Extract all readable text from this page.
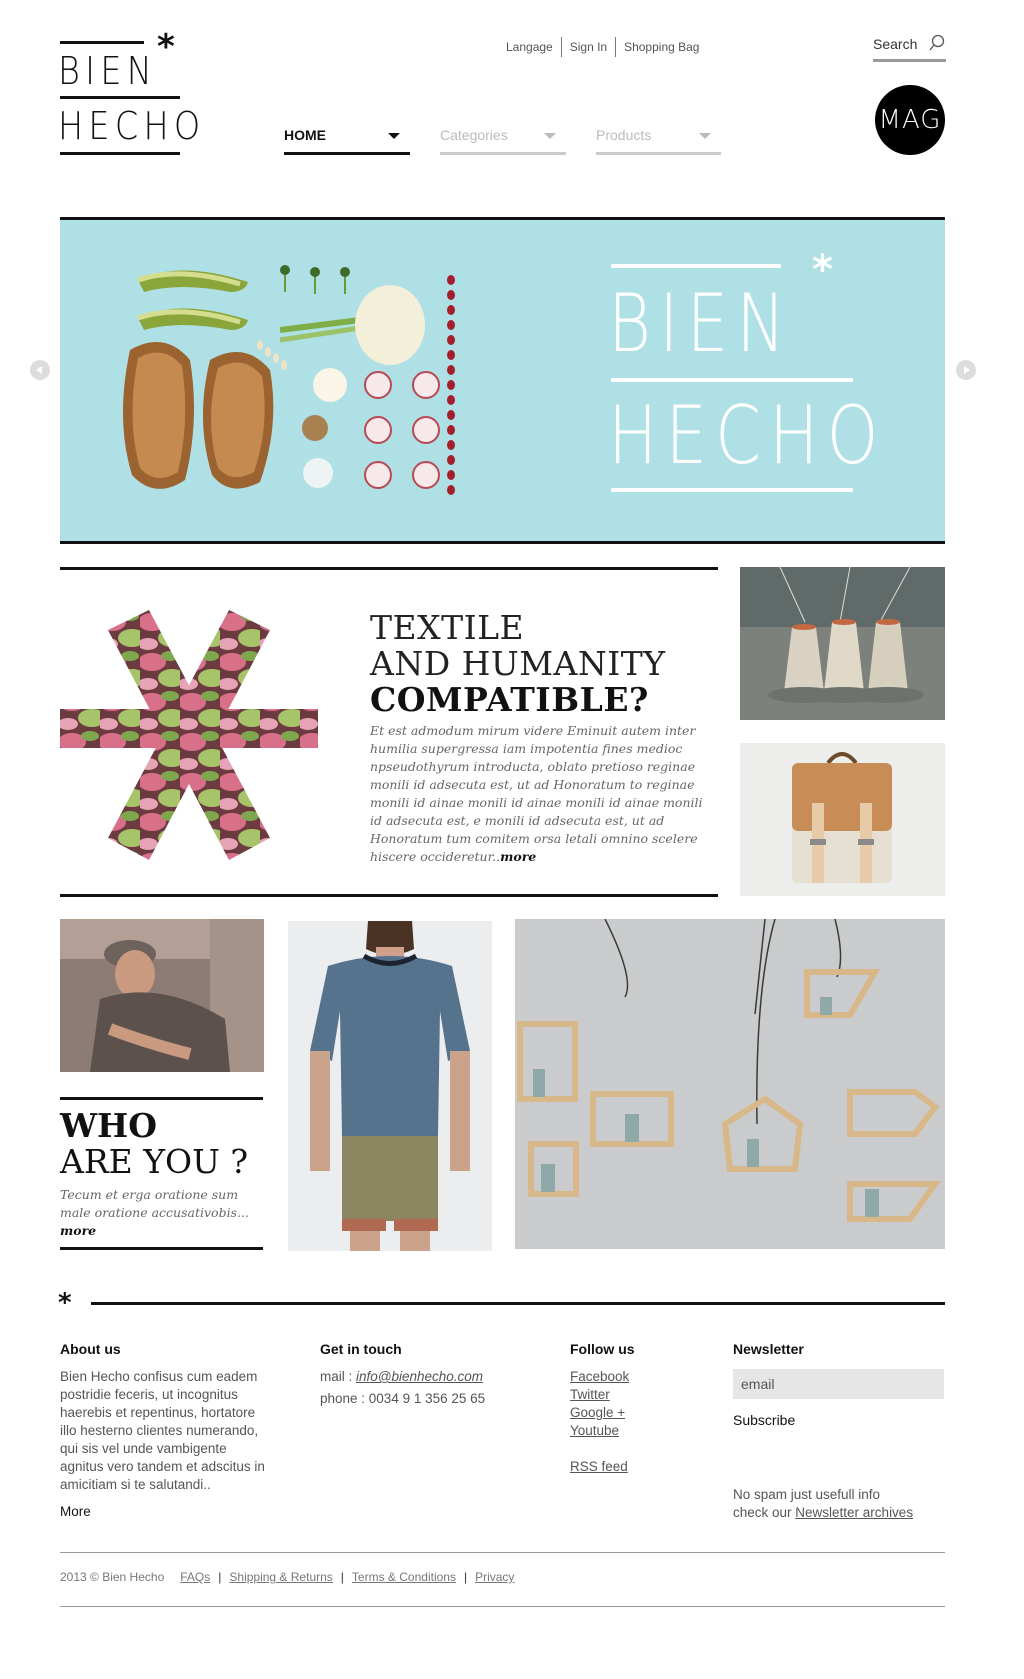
*
BIEN
HECHO
Langage Sign In Shopping Bag	Search
MAG
HOME	Categories	Products
*
BIEN
HECHO
TEXTILE
AND HUMANITY
COMPATIBLE?
Et est admodum mirum videre Eminuit autem inter humilia supergressa iam impotentia fines medioc npseudothyrum introducta, oblato pretioso reginae monili id adsecuta est, ut ad Honoratum to reginae monili id ainae monili id ainae monili id ainae monili id adsecuta est, e monili id adsecuta est, ut ad Honoratum tum comitem orsa letali omnino scelere hiscere occideretur..more
WHO
ARE YOU ?
Tecum et erga oratione sum male oratione accusativobis... more
*
About us
Bien Hecho confisus cum eadem postridie feceris, ut incognitus haerebis et repentinus, hortatore illo hesterno clientes numerando, qui sis vel unde vambigente agnitus vero tandem et adscitus in amicitiam si te salutandi..
More
Get in touch
mail : info@bienhecho.com
phone : 0034 9 1 356 25 65
Follow us
Facebook
Twitter
Google +
Youtube
RSS feed
Newsletter
email
Subscribe
No spam just usefull info
check our Newsletter archives
2013 © Bien Hecho FAQs | Shipping & Returns | Terms & Conditions | Privacy
